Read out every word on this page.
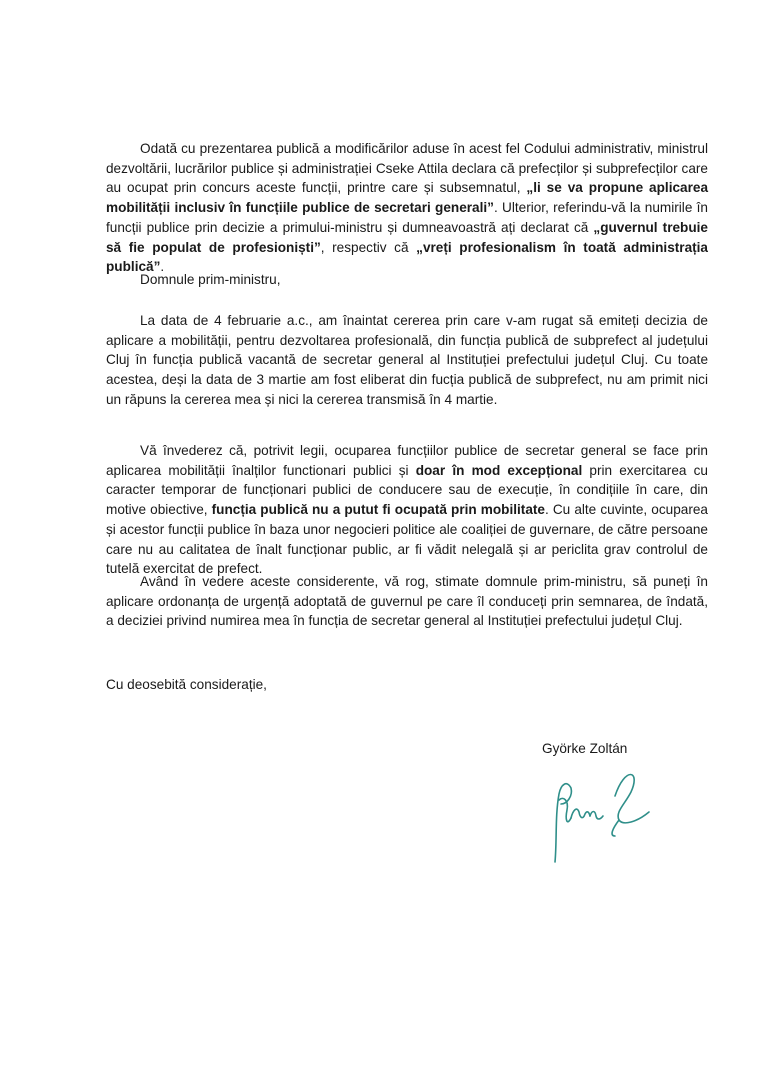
Odată cu prezentarea publică a modificărilor aduse în acest fel Codului administrativ, ministrul dezvoltării, lucrărilor publice și administrației Cseke Attila declara că prefecților și subprefecților care au ocupat prin concurs aceste funcții, printre care și subsemnatul, „li se va propune aplicarea mobilității inclusiv în funcțiile publice de secretari generali”. Ulterior, referindu-vă la numirile în funcții publice prin decizie a primului-ministru și dumneavoastră ați declarat că „guvernul trebuie să fie populat de profesioniști”, respectiv că „vreți profesionalism în toată administrația publică”.

Domnule prim-ministru,

La data de 4 februarie a.c., am înaintat cererea prin care v-am rugat să emiteți decizia de aplicare a mobilității, pentru dezvoltarea profesională, din funcția publică de subprefect al județului Cluj în funcția publică vacantă de secretar general al Instituției prefectului județul Cluj. Cu toate acestea, deși la data de 3 martie am fost eliberat din fucția publică de subprefect, nu am primit nici un răpuns la cererea mea și nici la cererea transmisă în 4 martie.

Vă învederez că, potrivit legii, ocuparea funcțiilor publice de secretar general se face prin aplicarea mobilității înalților functionari publici și doar în mod excepțional prin exercitarea cu caracter temporar de funcționari publici de conducere sau de execuție, în condițiile în care, din motive obiective, funcția publică nu a putut fi ocupată prin mobilitate. Cu alte cuvinte, ocuparea și acestor funcții publice în baza unor negocieri politice ale coaliției de guvernare, de către persoane care nu au calitatea de înalt funcționar public, ar fi vădit nelegală și ar periclita grav controlul de tutelă exercitat de prefect.

Având în vedere aceste considerente, vă rog, stimate domnule prim-ministru, să puneți în aplicare ordonanța de urgență adoptată de guvernul pe care îl conduceți prin semnarea, de îndată, a deciziei privind numirea mea în funcția de secretar general al Instituției prefectului județul Cluj.

Cu deosebită considerație,
Györke Zoltán
